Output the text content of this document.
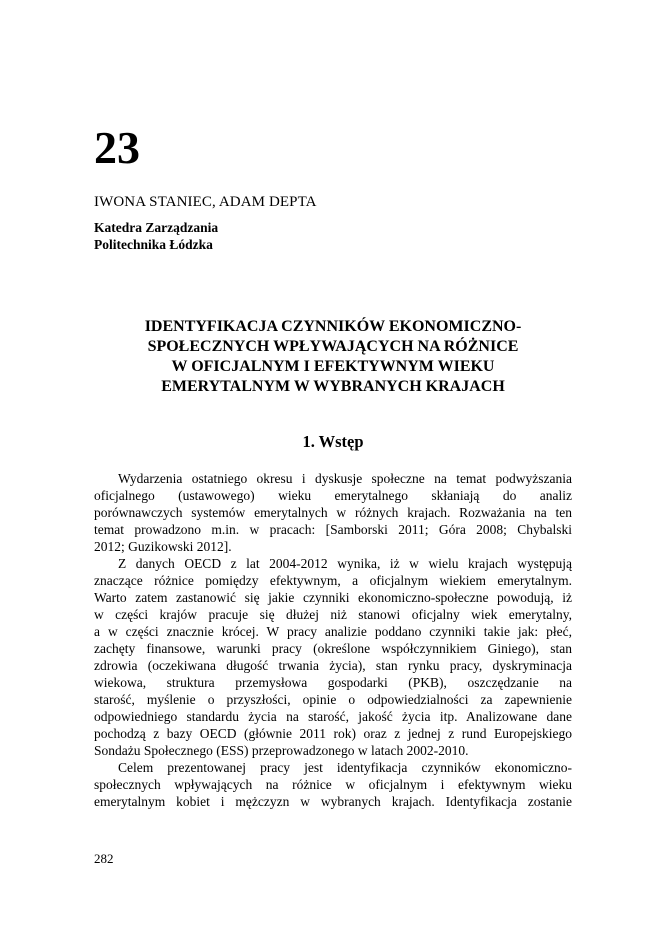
23
IWONA STANIEC, ADAM DEPTA
Katedra Zarządzania
Politechnika Łódzka
IDENTYFIKACJA CZYNNIKÓW EKONOMICZNO-
SPOŁECZNYCH WPŁYWAJĄCYCH NA RÓŻNICE
W OFICJALNYM I EFEKTYWNYM WIEKU
EMERYTALNYM W WYBRANYCH KRAJACH
1. Wstęp
Wydarzenia ostatniego okresu i dyskusje społeczne na temat podwyższania
oficjalnego (ustawowego) wieku emerytalnego skłaniają do analiz
porównawczych systemów emerytalnych w różnych krajach. Rozważania na ten
temat prowadzono m.in. w pracach: [Samborski 2011; Góra 2008; Chybalski
2012; Guzikowski 2012].
Z danych OECD z lat 2004-2012 wynika, iż w wielu krajach występują
znaczące różnice pomiędzy efektywnym, a oficjalnym wiekiem emerytalnym.
Warto zatem zastanowić się jakie czynniki ekonomiczno-społeczne powodują, iż
w części krajów pracuje się dłużej niż stanowi oficjalny wiek emerytalny,
a w części znacznie krócej. W pracy analizie poddano czynniki takie jak: płeć,
zachęty finansowe, warunki pracy (określone współczynnikiem Giniego), stan
zdrowia (oczekiwana długość trwania życia), stan rynku pracy, dyskryminacja
wiekowa, struktura przemysłowa gospodarki (PKB), oszczędzanie na
starość, myślenie o przyszłości, opinie o odpowiedzialności za zapewnienie
odpowiedniego standardu życia na starość, jakość życia itp. Analizowane dane
pochodzą z bazy OECD (głównie 2011 rok) oraz z jednej z rund Europejskiego
Sondażu Społecznego (ESS) przeprowadzonego w latach 2002-2010.
Celem prezentowanej pracy jest identyfikacja czynników ekonomiczno-
społecznych wpływających na różnice w oficjalnym i efektywnym wieku
emerytalnym kobiet i mężczyzn w wybranych krajach. Identyfikacja zostanie
282
